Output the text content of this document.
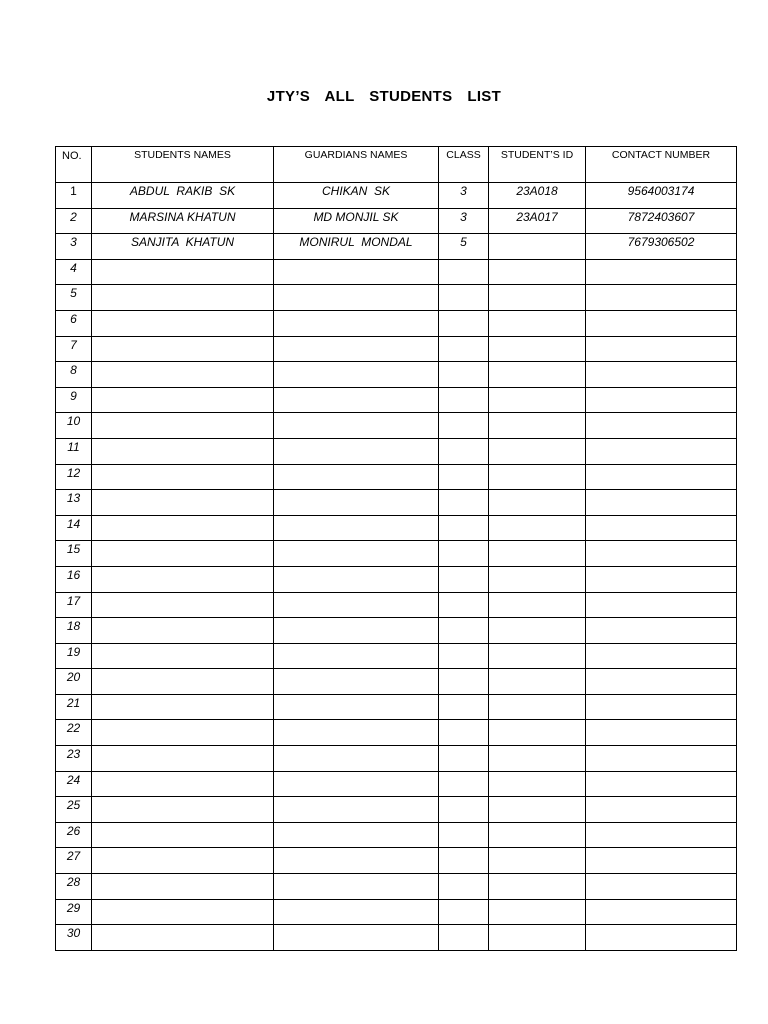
JTY’S  ALL  STUDENTS  LIST
NO.	STUDENTS NAMES	GUARDIANS NAMES	CLASS	STUDENT’S ID	CONTACT NUMBER
1	ABDUL  RAKIB  SK	CHIKAN  SK	3	23A018	9564003174
2	MARSINA KHATUN	MD MONJIL SK	3	23A017	7872403607
3	SANJITA  KHATUN	MONIRUL  MONDAL	5		7679306502
4					
5					
6					
7					
8					
9					
10					
11					
12					
13					
14					
15					
16					
17					
18					
19					
20					
21					
22					
23					
24					
25					
26					
27					
28					
29					
30					
